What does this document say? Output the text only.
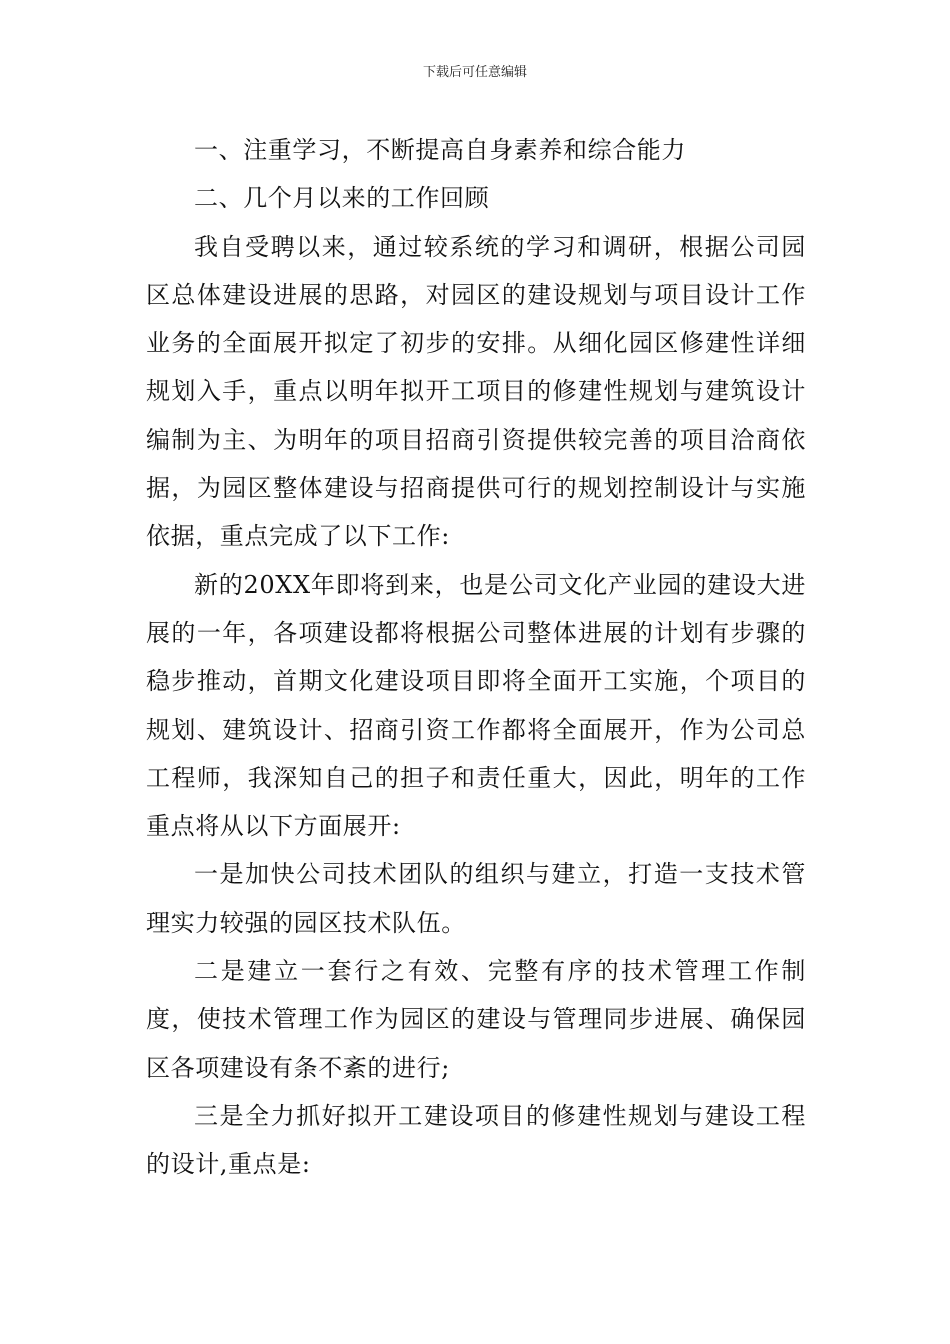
下载后可任意编辑

一、注重学习，不断提高自身素养和综合能力

二、几个月以来的工作回顾

我自受聘以来，通过较系统的学习和调研，根据公司园区总体建设进展的思路，对园区的建设规划与项目设计工作业务的全面展开拟定了初步的安排。从细化园区修建性详细规划入手，重点以明年拟开工项目的修建性规划与建筑设计编制为主、为明年的项目招商引资提供较完善的项目洽商依据，为园区整体建设与招商提供可行的规划控制设计与实施依据，重点完成了以下工作:

新的20XX年即将到来，也是公司文化产业园的建设大进展的一年，各项建设都将根据公司整体进展的计划有步骤的稳步推动，首期文化建设项目即将全面开工实施，个项目的规划、建筑设计、招商引资工作都将全面展开，作为公司总工程师，我深知自己的担子和责任重大，因此，明年的工作重点将从以下方面展开:

一是加快公司技术团队的组织与建立，打造一支技术管理实力较强的园区技术队伍。

二是建立一套行之有效、完整有序的技术管理工作制度，使技术管理工作为园区的建设与管理同步进展、确保园区各项建设有条不紊的进行;

三是全力抓好拟开工建设项目的修建性规划与建设工程的设计,重点是:
